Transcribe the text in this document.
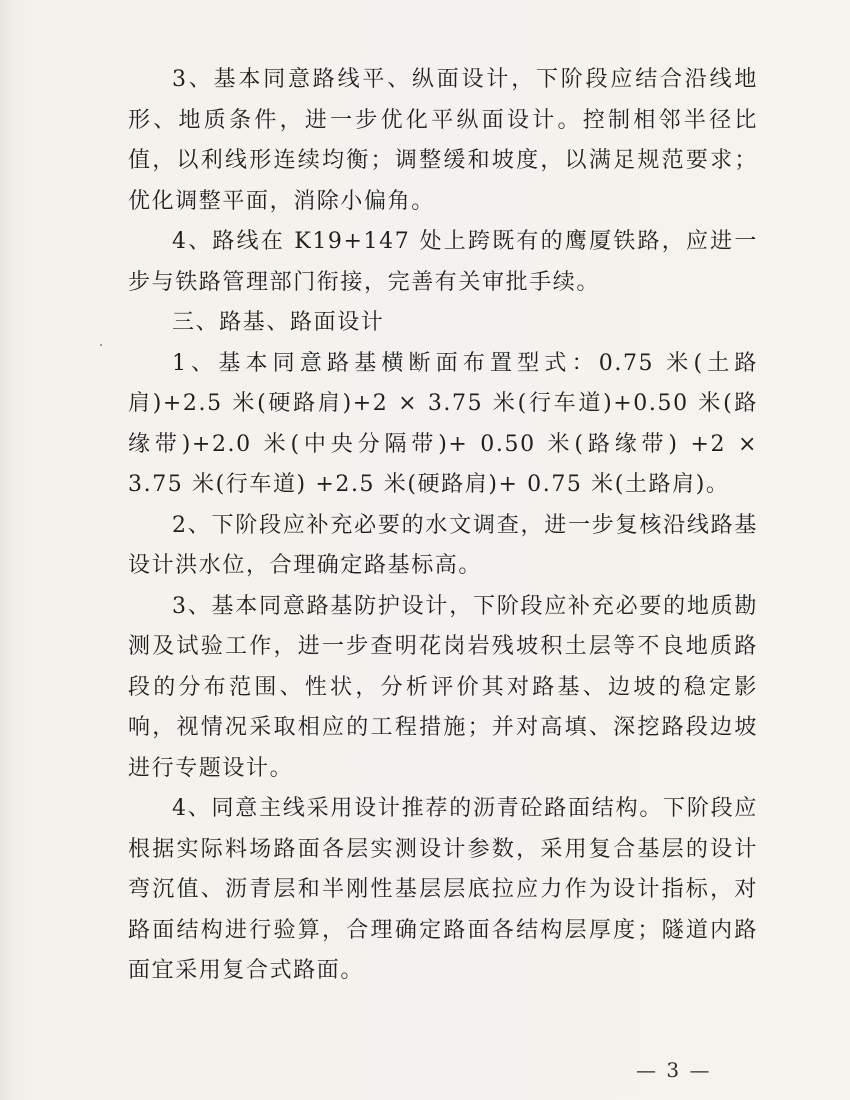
3、基本同意路线平、纵面设计，下阶段应结合沿线地形、地质条件，进一步优化平纵面设计。控制相邻半径比值，以利线形连续均衡；调整缓和坡度，以满足规范要求；优化调整平面，消除小偏角。

4、路线在 K19+147 处上跨既有的鹰厦铁路，应进一步与铁路管理部门衔接，完善有关审批手续。

三、路基、路面设计

1、基本同意路基横断面布置型式：0.75 米(土路肩)+2.5 米(硬路肩)+2 × 3.75 米(行车道)+0.50 米(路缘带)+2.0 米(中央分隔带)+ 0.50 米(路缘带) +2 × 3.75 米(行车道) +2.5 米(硬路肩)+ 0.75 米(土路肩)。

2、下阶段应补充必要的水文调查，进一步复核沿线路基设计洪水位，合理确定路基标高。

3、基本同意路基防护设计，下阶段应补充必要的地质勘测及试验工作，进一步查明花岗岩残坡积土层等不良地质路段的分布范围、性状，分析评价其对路基、边坡的稳定影响，视情况采取相应的工程措施；并对高填、深挖路段边坡进行专题设计。

4、同意主线采用设计推荐的沥青砼路面结构。下阶段应根据实际料场路面各层实测设计参数，采用复合基层的设计弯沉值、沥青层和半刚性基层层底拉应力作为设计指标，对路面结构进行验算，合理确定路面各结构层厚度；隧道内路面宜采用复合式路面。

— 3 —
